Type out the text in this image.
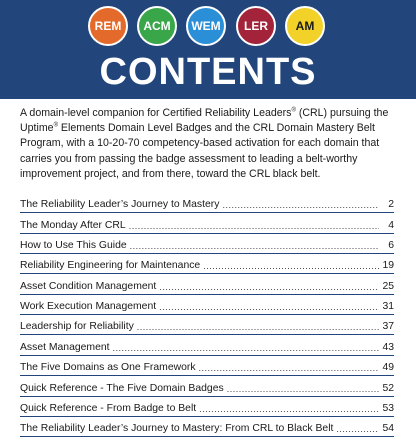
REM ACM WEM LER AM
CONTENTS

A domain-level companion for Certified Reliability Leaders® (CRL) pursuing the Uptime® Elements Domain Level Badges and the CRL Domain Mastery Belt Program, with a 10-20-70 competency-based activation for each domain that carries you from passing the badge assessment to leading a belt-worthy improvement project, and from there, toward the CRL black belt.

The Reliability Leader’s Journey to Mastery .....	2
The Monday After CRL .....	4
How to Use This Guide .....	6
Reliability Engineering for Maintenance .....	19
Asset Condition Management .....	25
Work Execution Management .....	31
Leadership for Reliability .....	37
Asset Management .....	43
The Five Domains as One Framework .....	49
Quick Reference - The Five Domain Badges .....	52
Quick Reference - From Badge to Belt .....	53
The Reliability Leader’s Journey to Mastery: From CRL to Black Belt .....	54
